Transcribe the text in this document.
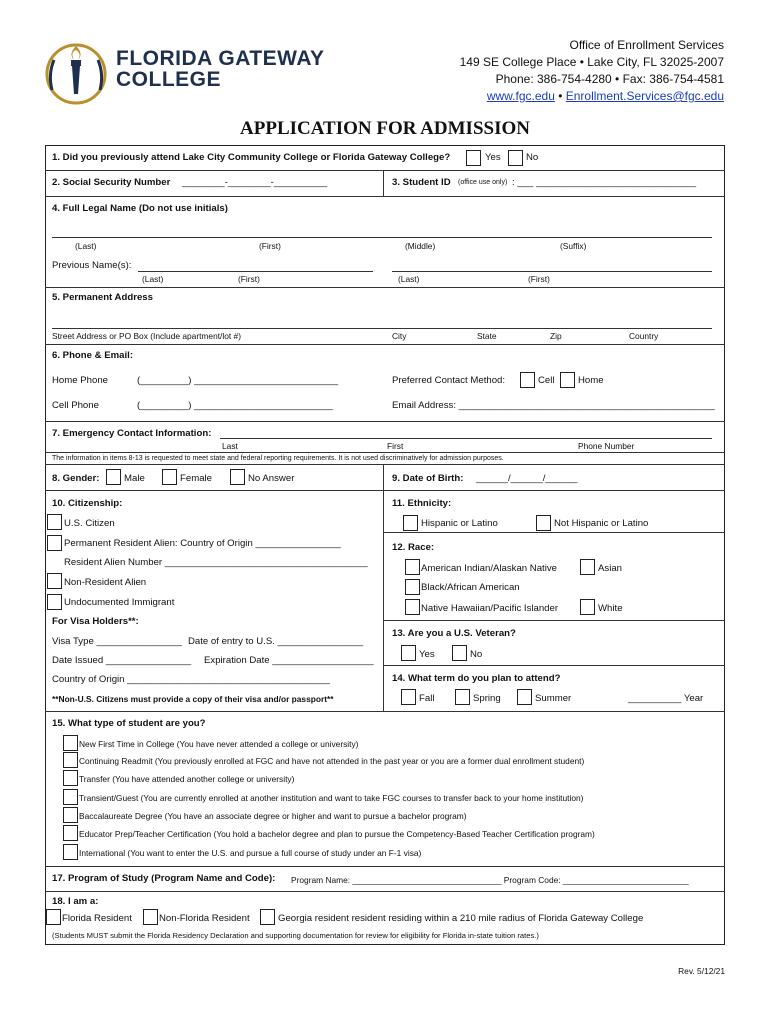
FLORIDA GATEWAY
COLLEGE
Office of Enrollment Services
149 SE College Place • Lake City, FL 32025-2007
Phone: 386-754-4280 • Fax: 386-754-4581
www.fgc.edu • Enrollment.Services@fgc.edu
APPLICATION FOR ADMISSION
1. Did you previously attend Lake City Community College or Florida Gateway College?	Yes	No
2. Social Security Number ________-________-__________	3. Student ID (office use only) : ___ ______________________________
4. Full Legal Name (Do not use initials)
(Last)	(First)	(Middle)	(Suffix)
Previous Name(s):
(Last)	(First)	(Last)	(First)
5. Permanent Address
Street Address or PO Box (Include apartment/lot #)	City	State	Zip	Country
6. Phone & Email:
Home Phone	(_________) ___________________________
Cell Phone	(_________) __________________________
Preferred Contact Method:	Cell Home
Email Address: ________________________________________________
7. Emergency Contact Information:
Last	First	Phone Number
The information in items 8-13 is requested to meet state and federal reporting requirements. It is not used discriminatively for admission purposes.
8. Gender:	Male	Female	No Answer	9. Date of Birth: ______/______/______
10. Citizenship:
U.S. Citizen
Permanent Resident Alien: Country of Origin ________________
Resident Alien Number ______________________________________
Non-Resident Alien
Undocumented Immigrant
For Visa Holders**:
Visa Type ________________ Date of entry to U.S. ________________
Date Issued ________________ Expiration Date ___________________
Country of Origin ______________________________________
**Non-U.S. Citizens must provide a copy of their visa and/or passport**
11. Ethnicity:
Hispanic or Latino	Not Hispanic or Latino
12. Race:
American Indian/Alaskan Native	Asian
Black/African American
Native Hawaiian/Pacific Islander	White
13. Are you a U.S. Veteran?
Yes	No
14. What term do you plan to attend?
Fall	Spring	Summer	__________ Year
15. What type of student are you?
New First Time in College (You have never attended a college or university)
Continuing Readmit (You previously enrolled at FGC and have not attended in the past year or you are a former dual enrollment student)
Transfer (You have attended another college or university)
Transient/Guest (You are currently enrolled at another institution and want to take FGC courses to transfer back to your home institution)
Baccalaureate Degree (You have an associate degree or higher and want to pursue a bachelor program)
Educator Prep/Teacher Certification (You hold a bachelor degree and plan to pursue the Competency-Based Teacher Certification program)
International (You want to enter the U.S. and pursue a full course of study under an F-1 visa)
17. Program of Study (Program Name and Code): Program Name: ________________________________ Program Code: ___________________________
18. I am a:
Florida Resident	Non-Florida Resident	Georgia resident resident residing within a 210 mile radius of Florida Gateway College
(Students MUST submit the Florida Residency Declaration and supporting documentation for review for eligibility for Florida in-state tuition rates.)
Rev. 5/12/21
